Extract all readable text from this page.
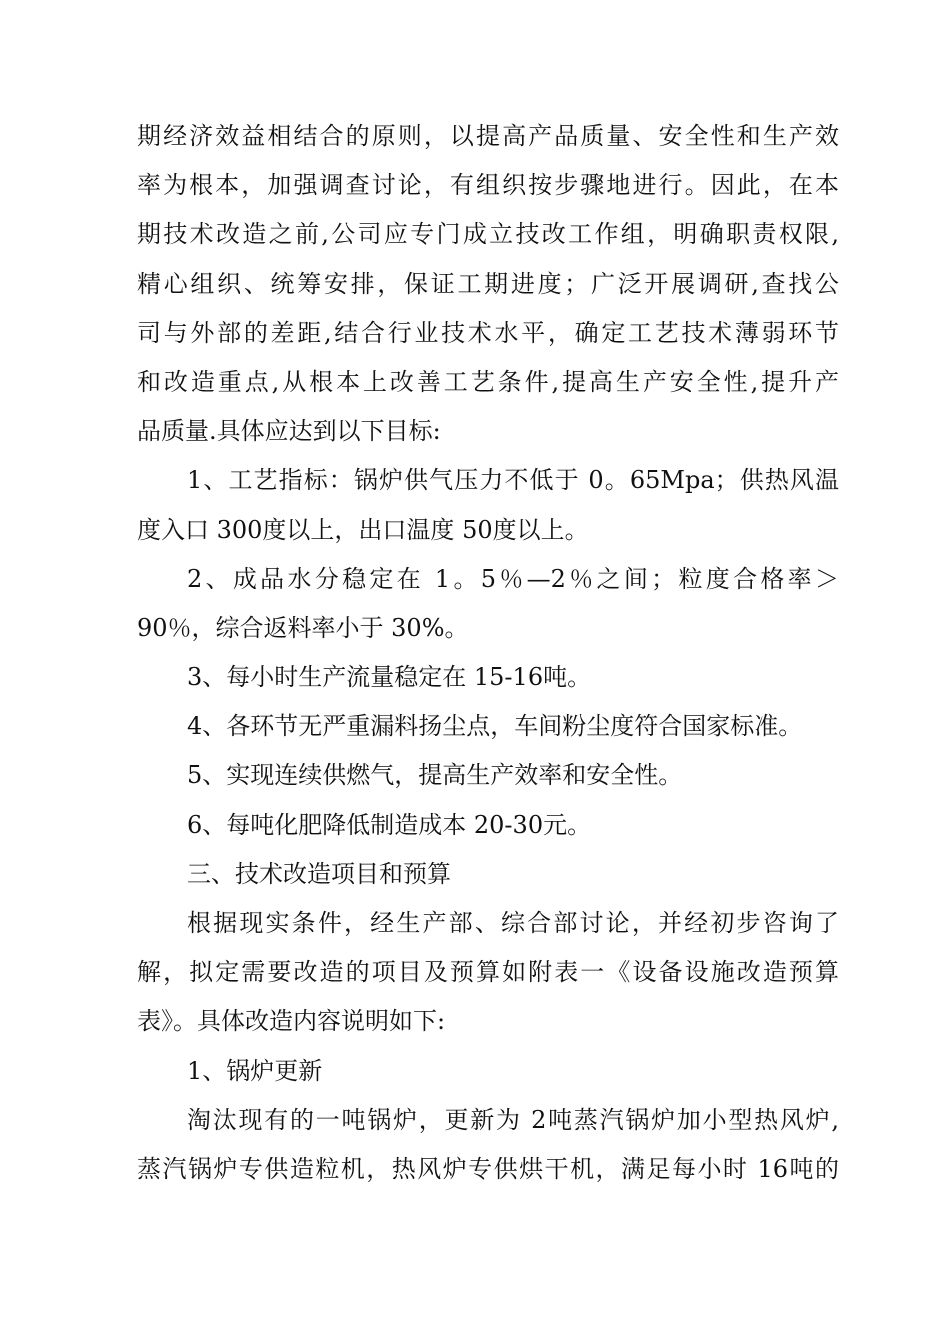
期经济效益相结合的原则，以提高产品质量、安全性和生产效

率为根本，加强调查讨论，有组织按步骤地进行。因此，在本

期技术改造之前,公司应专门成立技改工作组，明确职责权限,

精心组织、统筹安排，保证工期进度；广泛开展调研,查找公

司与外部的差距,结合行业技术水平，确定工艺技术薄弱环节

和改造重点,从根本上改善工艺条件,提高生产安全性,提升产

品质量.具体应达到以下目标:

1、工艺指标：锅炉供气压力不低于 0。65Mpa；供热风温

度入口 300度以上，出口温度 50度以上。

2、成品水分稳定在 1。5％—2％之间；粒度合格率＞

90％，综合返料率小于 30%。

3、每小时生产流量稳定在 15-16吨。

4、各环节无严重漏料扬尘点，车间粉尘度符合国家标准。

5、实现连续供燃气，提高生产效率和安全性。

6、每吨化肥降低制造成本 20-30元。

三、技术改造项目和预算

根据现实条件，经生产部、综合部讨论，并经初步咨询了

解，拟定需要改造的项目及预算如附表一《设备设施改造预算

表》。具体改造内容说明如下:

1、锅炉更新

淘汰现有的一吨锅炉，更新为 2吨蒸汽锅炉加小型热风炉,

蒸汽锅炉专供造粒机，热风炉专供烘干机，满足每小时 16吨的
